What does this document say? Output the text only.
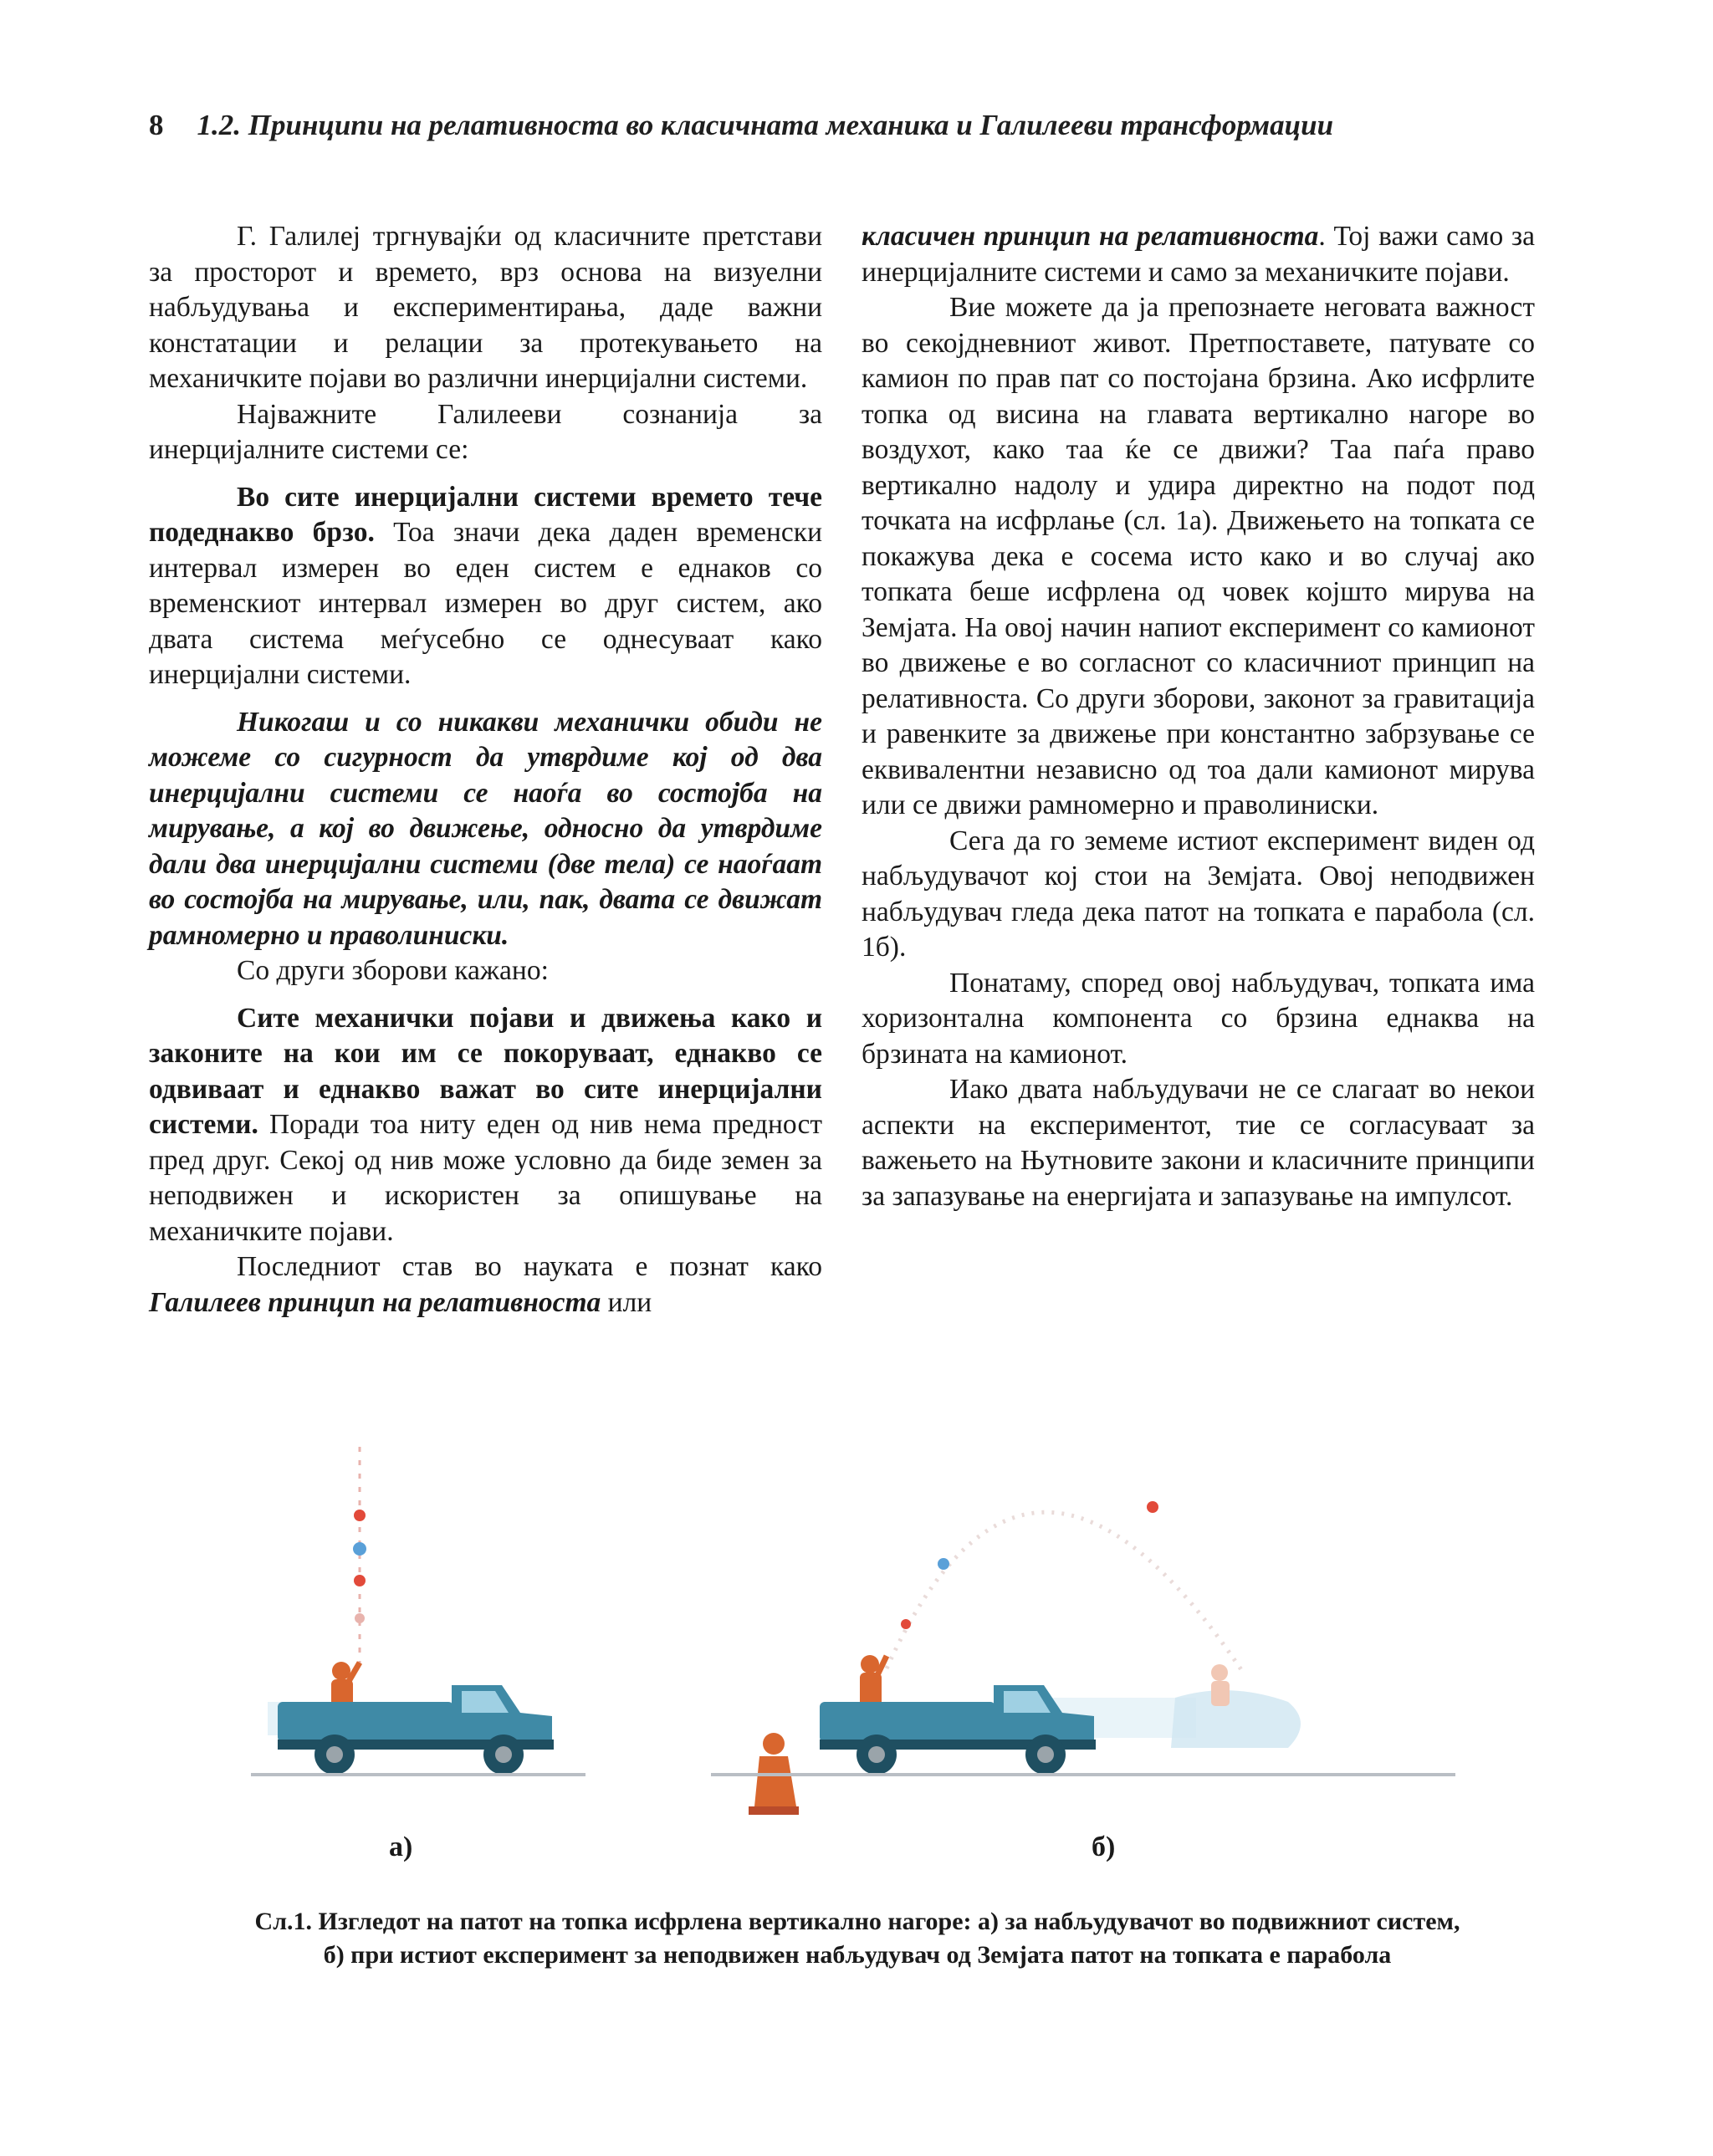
8 1.2. Принципи на релативноста во класичната механика и Галилееви трансформации

Г. Галилеј тргнувајќи од класичните претстави за просторот и времето, врз основа на визуелни набљудувања и експериментирања, даде важни констатации и релации за протекувањето на механичките појави во различни инерцијални системи.

Најважните Галилееви сознанија за инерцијалните системи се:

Во сите инерцијални системи времето тече подеднакво брзо. Тоа значи дека даден временски интервал измерен во еден систем е еднаков со временскиот интервал измерен во друг систем, ако двата система меѓусебно се однесуваат како инерцијални системи.

Никогаш и со никакви механички обиди не можеме со сигурност да утврдиме кој од два инерцијални системи се наоѓа во состојба на мирување, а кој во движење, односно да утврдиме дали два инерцијални системи (две тела) се наоѓаат во состојба на мирување, или, пак, двата се движат рамномерно и праволиниски.

Со други зборови кажано:

Сите механички појави и движења како и законите на кои им се покоруваат, еднакво се одвиваат и еднакво важат во сите инерцијални системи. Поради тоа ниту еден од нив нема предност пред друг. Секој од нив може условно да биде земен за неподвижен и искористен за опишување на механичките појави.

Последниот став во науката е познат како Галилеев принцип на релативноста или

класичен принцип на релативноста. Тој важи само за инерцијалните системи и само за механичките појави.

Вие можете да ја препознаете неговата важност во секојдневниот живот. Претпоставете, патувате со камион по прав пат со постојана брзина. Ако исфрлите топка од висина на главата вертикално нагоре во воздухот, како таа ќе се движи? Таа паѓа право вертикално надолу и удира директно на подот под точката на исфрлање (сл. 1а). Движењето на топката се покажува дека е сосема исто како и во случај ако топката беше исфрлена од човек којшто мирува на Земјата. На овој начин напиот експеримент со камионот во движење е во согласнот со класичниот принцип на релативноста. Со други зборови, законот за гравитација и равенките за движење при константно забрзување се еквивалентни независно од тоа дали камионот мирува или се движи рамномерно и праволиниски.

Сега да го земеме истиот експеримент виден од набљудувачот кој стои на Земјата. Овој неподвижен набљудувач гледа дека патот на топката е парабола (сл. 1б).

Понатаму, според овој набљудувач, топката има хоризонтална компонента со брзина еднаква на брзината на камионот.

Иако двата набљудувачи не се слагаат во некои аспекти на експериментот, тие се согласуваат за важењето на Њутновите закони и класичните принципи за запазување на енергијата и запазување на импулсот.

а)	б)
Сл.1. Изгледот на патот на топка исфрлена вертикално нагоре: а) за набљудувачот во подвижниот систем,
б) при истиот експеримент за неподвижен набљудувач од Земјата патот на топката е парабола
